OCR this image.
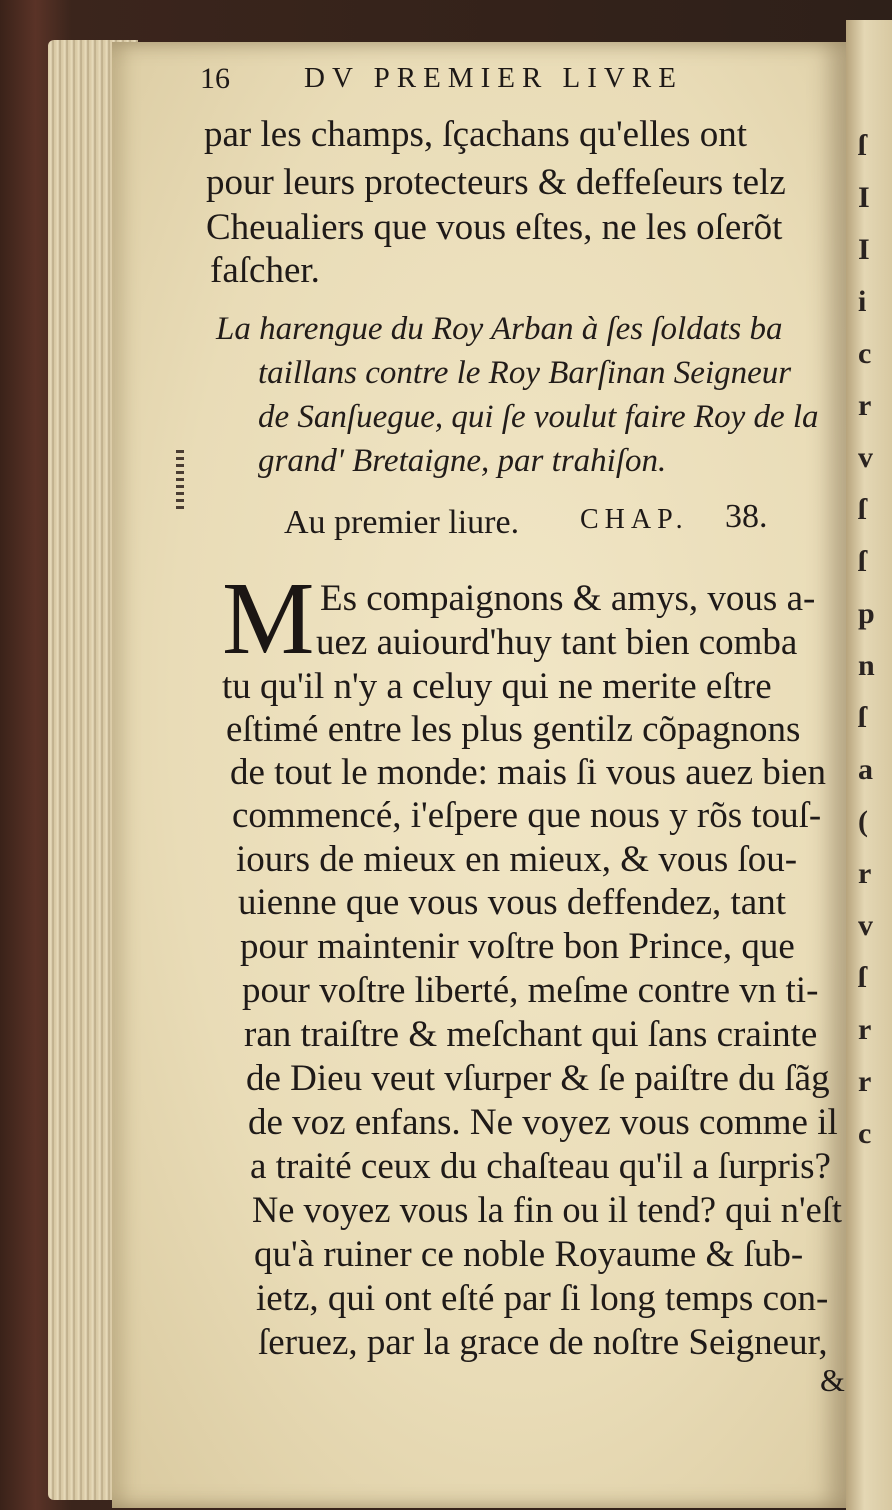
ſ
I
I
i
c
r
v
ſ
ſ
p
n
ſ
a
(
r
v
ſ
r
r
c
16	DV PREMIER LIVRE
par les champs, ſçachans qu'elles ont
pour leurs protecteurs & deffeſeurs telz
Cheualiers que vous eſtes, ne les oſerõt
faſcher.
La harengue du Roy Arban à ſes ſoldats ba
taillans contre le Roy Barſinan Seigneur
de Sanſuegue, qui ſe voulut faire Roy de la
grand' Bretaigne, par trahiſon.
Au premier liure. CHAP. 38.
M Es compaignons & amys, vous a-
uez auiourd'huy tant bien comba
tu qu'il n'y a celuy qui ne merite eſtre
eſtimé entre les plus gentilz cõpagnons
de tout le monde: mais ſi vous auez bien
commencé, i'eſpere que nous y rõs touſ-
iours de mieux en mieux, & vous ſou-
uienne que vous vous deffendez, tant
pour maintenir voſtre bon Prince, que
pour voſtre liberté, meſme contre vn ti-
ran traiſtre & meſchant qui ſans crainte
de Dieu veut vſurper & ſe paiſtre du ſãg
de voz enfans. Ne voyez vous comme il
a traité ceux du chaſteau qu'il a ſurpris?
Ne voyez vous la fin ou il tend? qui n'eſt
qu'à ruiner ce noble Royaume & ſub-
ietz, qui ont eſté par ſi long temps con-
ſeruez, par la grace de noſtre Seigneur,
&
